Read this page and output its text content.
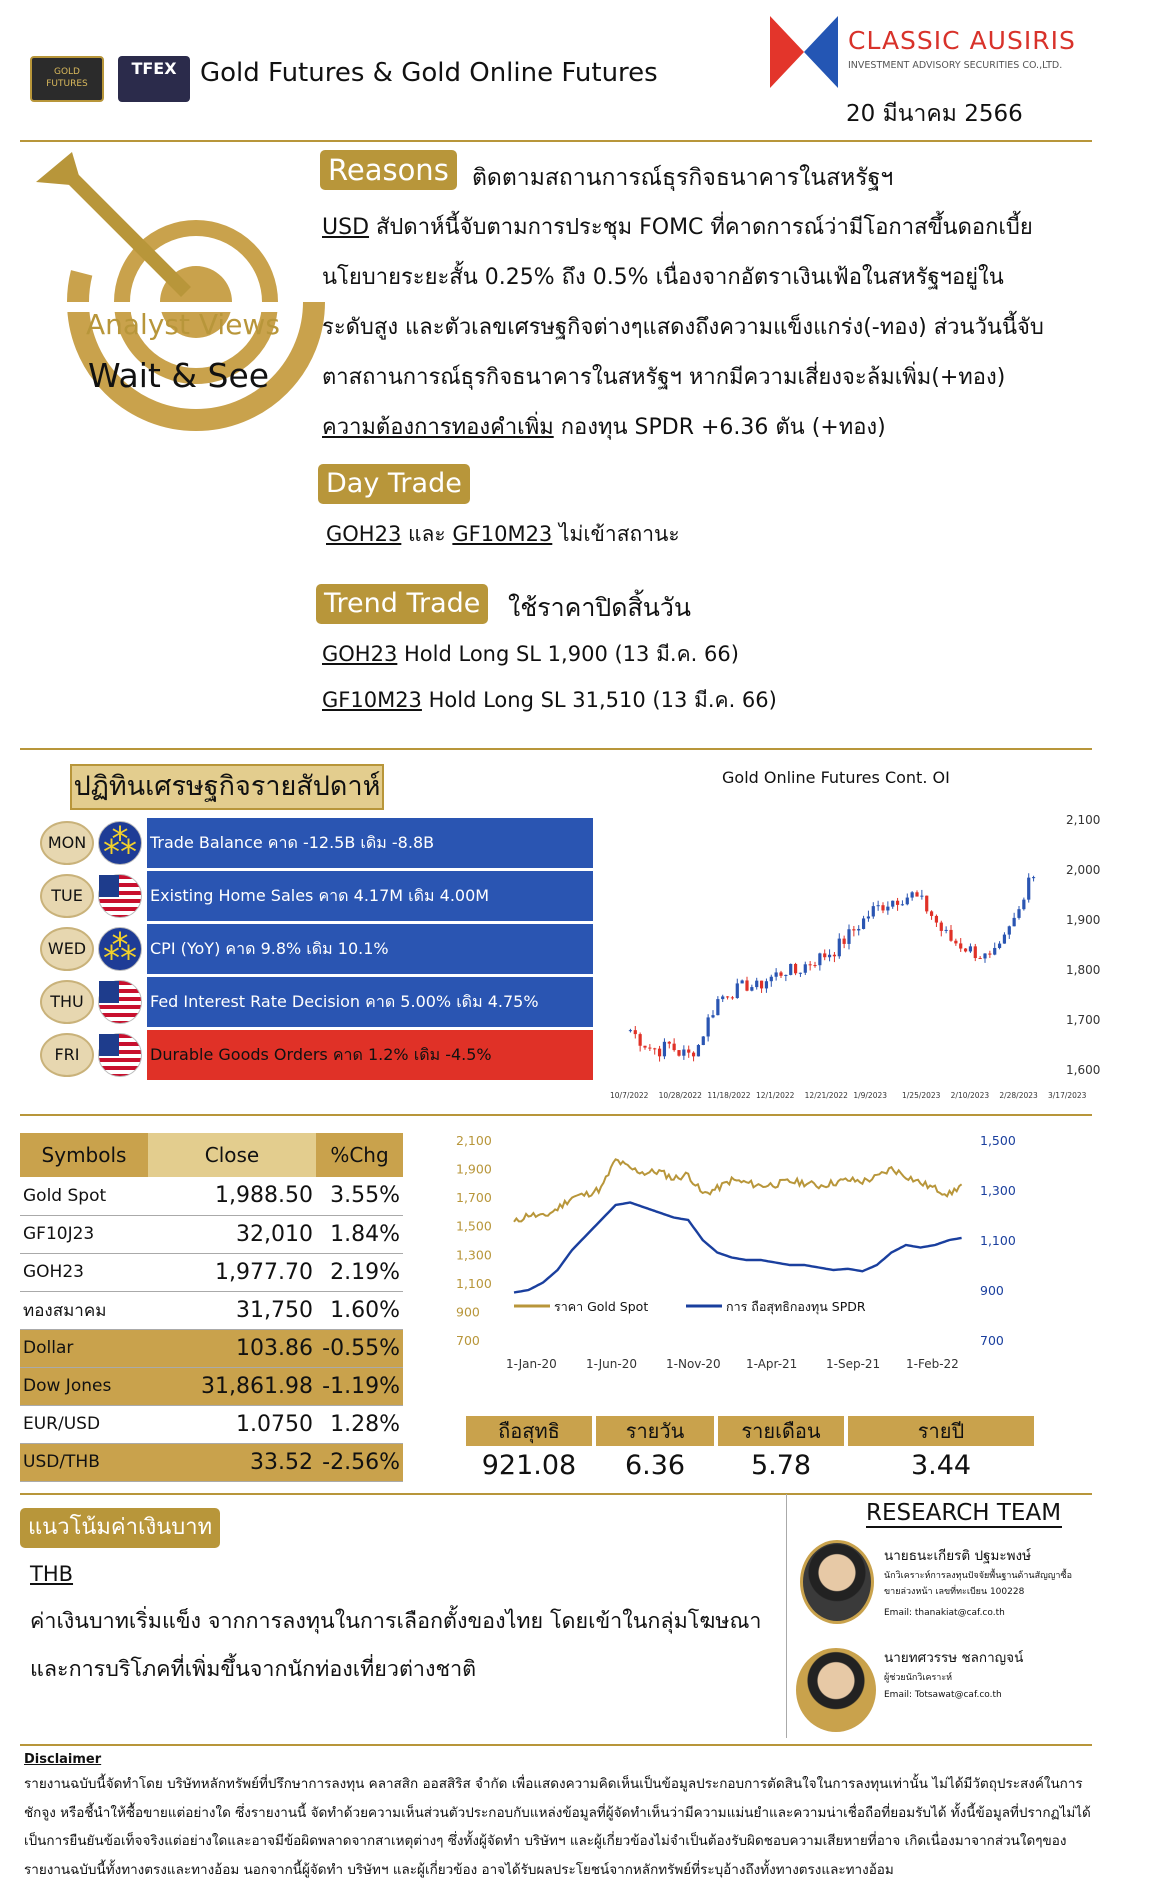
GOLD FUTURES
TFEX Gold Futures & Gold Online Futures
CLASSIC AUSIRIS
INVESTMENT ADVISORY SECURITIES CO.,LTD.
20 มีนาคม 2566
Analyst Views
Wait & See
Reasons	ติดตามสถานการณ์ธุรกิจธนาคารในสหรัฐฯ
USD สัปดาห์นี้จับตามการประชุม FOMC ที่คาดการณ์ว่ามีโอกาสขึ้นดอกเบี้ย
นโยบายระยะสั้น 0.25% ถึง 0.5% เนื่องจากอัตราเงินเฟ้อในสหรัฐฯอยู่ใน
ระดับสูง และตัวเลขเศรษฐกิจต่างๆแสดงถึงความแข็งแกร่ง(-ทอง) ส่วนวันนี้จับ
ตาสถานการณ์ธุรกิจธนาคารในสหรัฐฯ หากมีความเสี่ยงจะล้มเพิ่ม(+ทอง)
ความต้องการทองคำเพิ่ม กองทุน SPDR +6.36 ตัน (+ทอง)
Day Trade
GOH23 และ GF10M23 ไม่เข้าสถานะ
Trend Trade	ใช้ราคาปิดสิ้นวัน
GOH23 Hold Long SL 1,900 (13 มี.ค. 66)
GF10M23 Hold Long SL 31,510 (13 มี.ค. 66)
ปฏิทินเศรษฐกิจรายสัปดาห์
MON ⁂ Trade Balance คาด -12.5B เดิม -8.8B
TUE	Existing Home Sales คาด 4.17M เดิม 4.00M
WED ⁂ CPI (YoY) คาด 9.8% เดิม 10.1%
THU	Fed Interest Rate Decision คาด 5.00% เดิม 4.75%
FRI	Durable Goods Orders คาด 1.2% เดิม -4.5%
Gold Online Futures Cont. OI
2,100
2,000
1,900
1,800
1,700
1,600
10/7/2022 10/28/2022 11/18/2022 12/1/2022 12/21/2022 1/9/2023 1/25/2023 2/10/2023 2/28/2023 3/17/2023
Symbols	Close	%Chg
Gold Spot	1,988.50	3.55%
GF10J23	32,010	1.84%
GOH23	1,977.70	2.19%
ทองสมาคม	31,750	1.60%
Dollar	103.86	-0.55%
Dow Jones	31,861.98	-1.19%
EUR/USD	1.0750	1.28%
USD/THB	33.52	-2.56%
2,100
1,900
1,700
1,500
1,300
1,100
900
700
1,500
1,300
1,100
900
700
1-Jan-20 1-Jun-20 1-Nov-20 1-Apr-21 1-Sep-21 1-Feb-22
ราคา Gold Spot	การ ถือสุทธิกองทุน SPDR
ถือสุทธิ
921.08
รายวัน
6.36
รายเดือน
5.78
รายปี
3.44
แนวโน้มค่าเงินบาท
THB
ค่าเงินบาทเริ่มแข็ง จากการลงทุนในการเลือกตั้งของไทย โดยเข้าในกลุ่มโฆษณา
และการบริโภคที่เพิ่มขึ้นจากนักท่องเที่ยวต่างชาติ
RESEARCH TEAM
นายธนะเกียรติ ปฐมะพงษ์
นักวิเคราะห์การลงทุนปัจจัยพื้นฐานด้านสัญญาซื้อขายล่วงหน้า เลขที่ทะเบียน 100228
Email: thanakiat@caf.co.th
นายทศวรรษ ชลกาญจน์
ผู้ช่วยนักวิเคราะห์
Email: Totsawat@caf.co.th
Disclaimer
รายงานฉบับนี้จัดทำโดย บริษัทหลักทรัพย์ที่ปรึกษาการลงทุน คลาสสิก ออสสิริส จำกัด เพื่อแสดงความคิดเห็นเป็นข้อมูลประกอบการตัดสินใจในการลงทุนเท่านั้น ไม่ได้มีวัตถุประสงค์ในการ
ชักจูง หรือชี้นำให้ซื้อขายแต่อย่างใด ซึ่งรายงานนี้ จัดทำด้วยความเห็นส่วนตัวประกอบกับแหล่งข้อมูลที่ผู้จัดทำเห็นว่ามีความแม่นยำและความน่าเชื่อถือที่ยอมรับได้ ทั้งนี้ข้อมูลที่ปรากฏไม่ได้
เป็นการยืนยันข้อเท็จจริงแต่อย่างใดและอาจมีข้อผิดพลาดจากสาเหตุต่างๆ ซึ่งทั้งผู้จัดทำ บริษัทฯ และผู้เกี่ยวข้องไม่จำเป็นต้องรับผิดชอบความเสียหายที่อาจ เกิดเนื่องมาจากส่วนใดๆของ
รายงานฉบับนี้ทั้งทางตรงและทางอ้อม นอกจากนี้ผู้จัดทำ บริษัทฯ และผู้เกี่ยวข้อง อาจได้รับผลประโยชน์จากหลักทรัพย์ที่ระบุอ้างถึงทั้งทางตรงและทางอ้อม
